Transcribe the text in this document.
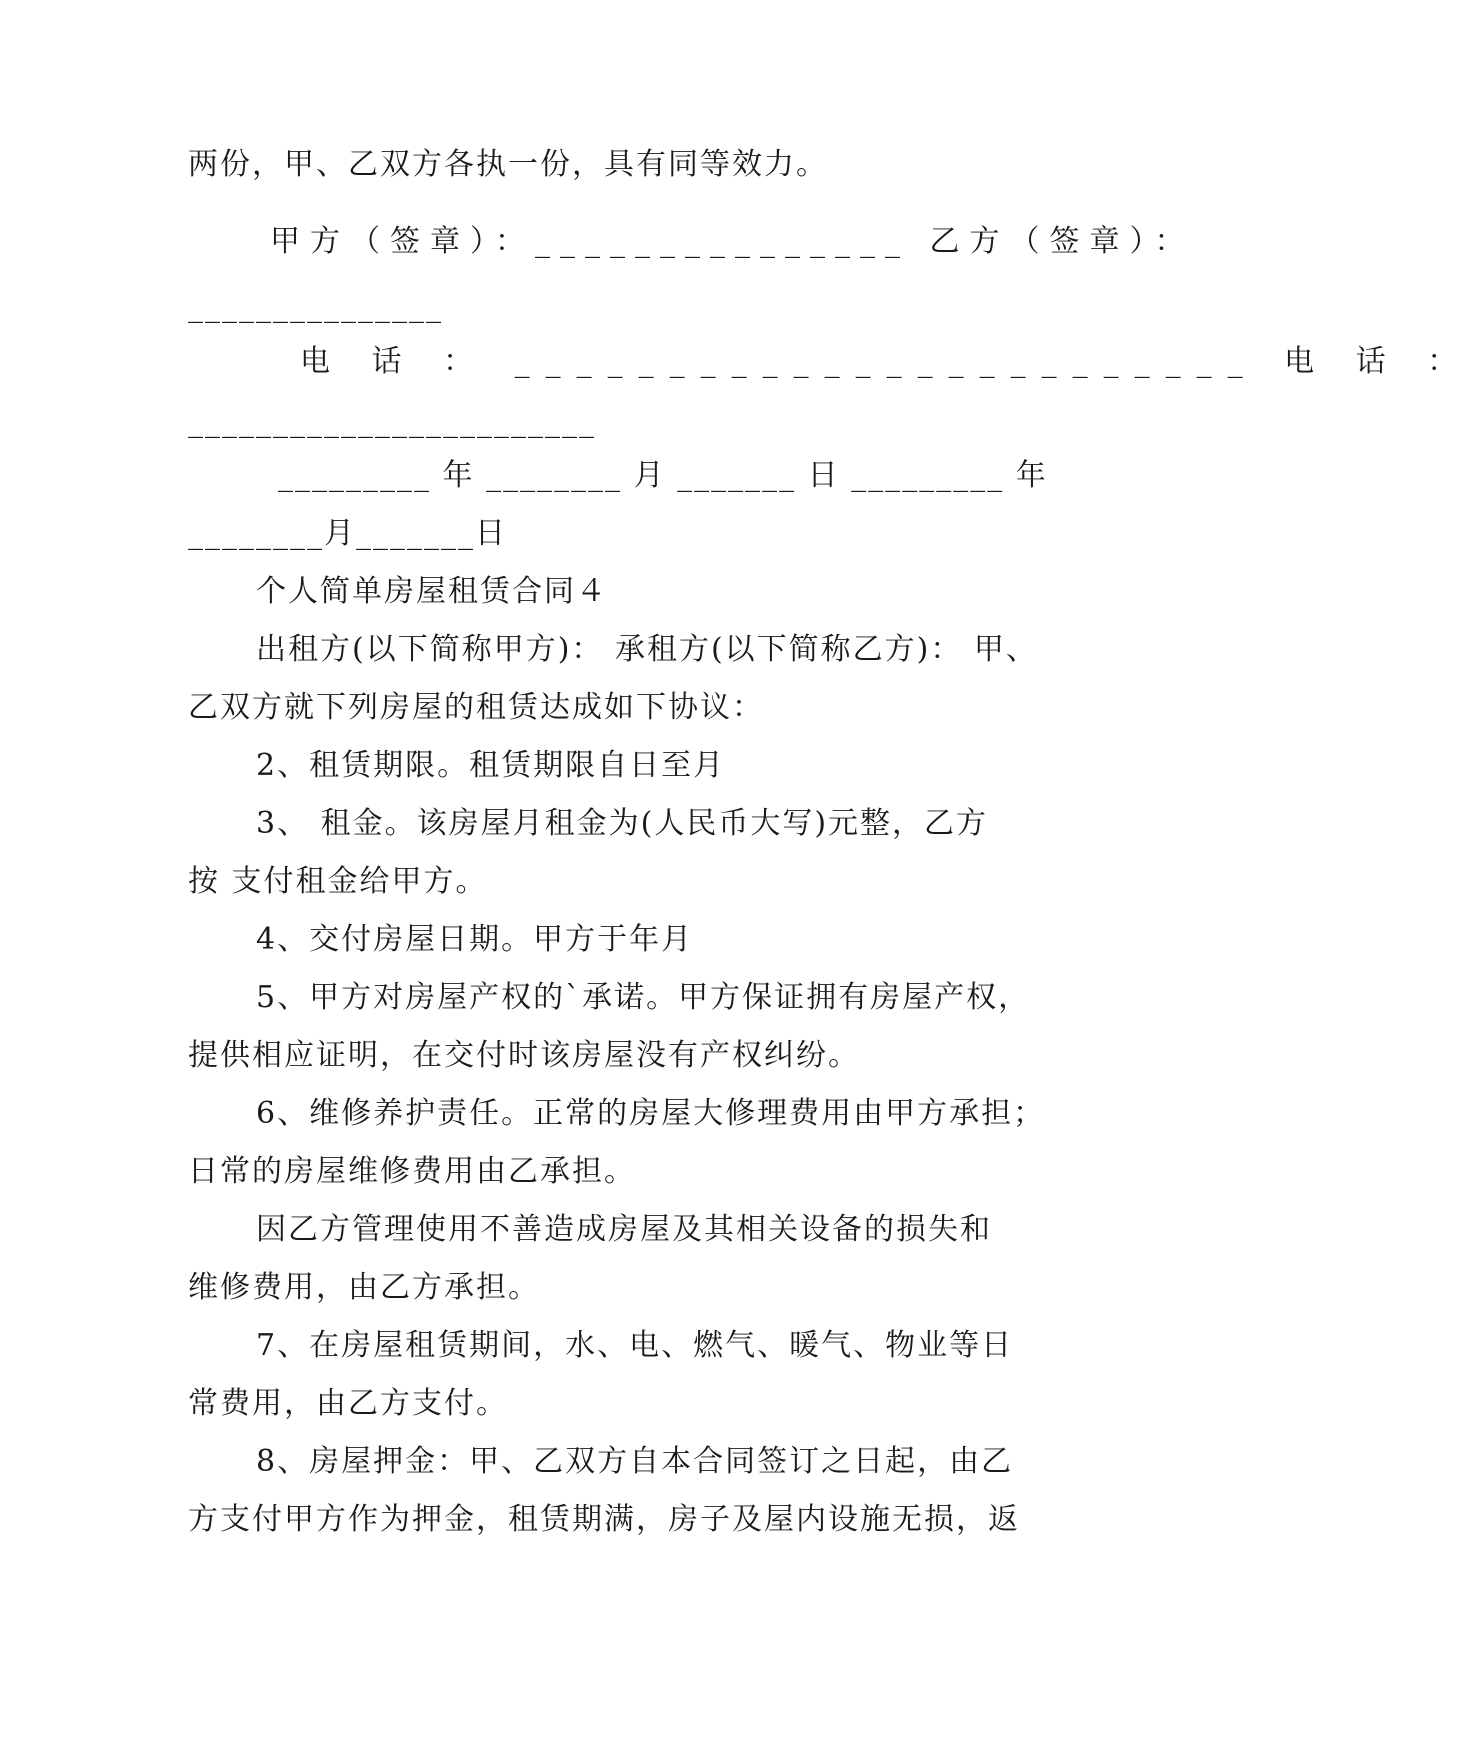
两份，甲、乙双方各执一份，具有同等效力。
甲方（签章）：_______________ 乙方（签章）：
_______________
电 话 ： ________________________ 电 话 ：
________________________
_________ 年 ________ 月 _______ 日 _________ 年
________月_______日
个人简单房屋租赁合同４
出租方(以下简称甲方)： 承租方(以下简称乙方)： 甲、
乙双方就下列房屋的租赁达成如下协议：
2、租赁期限。租赁期限自日至月
3、 租金。该房屋月租金为(人民币大写)元整，乙方
按 支付租金给甲方。
4、交付房屋日期。甲方于年月
5、甲方对房屋产权的`承诺。甲方保证拥有房屋产权，
提供相应证明，在交付时该房屋没有产权纠纷。
6、维修养护责任。正常的房屋大修理费用由甲方承担；
日常的房屋维修费用由乙承担。
因乙方管理使用不善造成房屋及其相关设备的损失和
维修费用，由乙方承担。
7、在房屋租赁期间，水、电、燃气、暖气、物业等日
常费用，由乙方支付。
8、房屋押金：甲、乙双方自本合同签订之日起，由乙
方支付甲方作为押金，租赁期满，房子及屋内设施无损，返
